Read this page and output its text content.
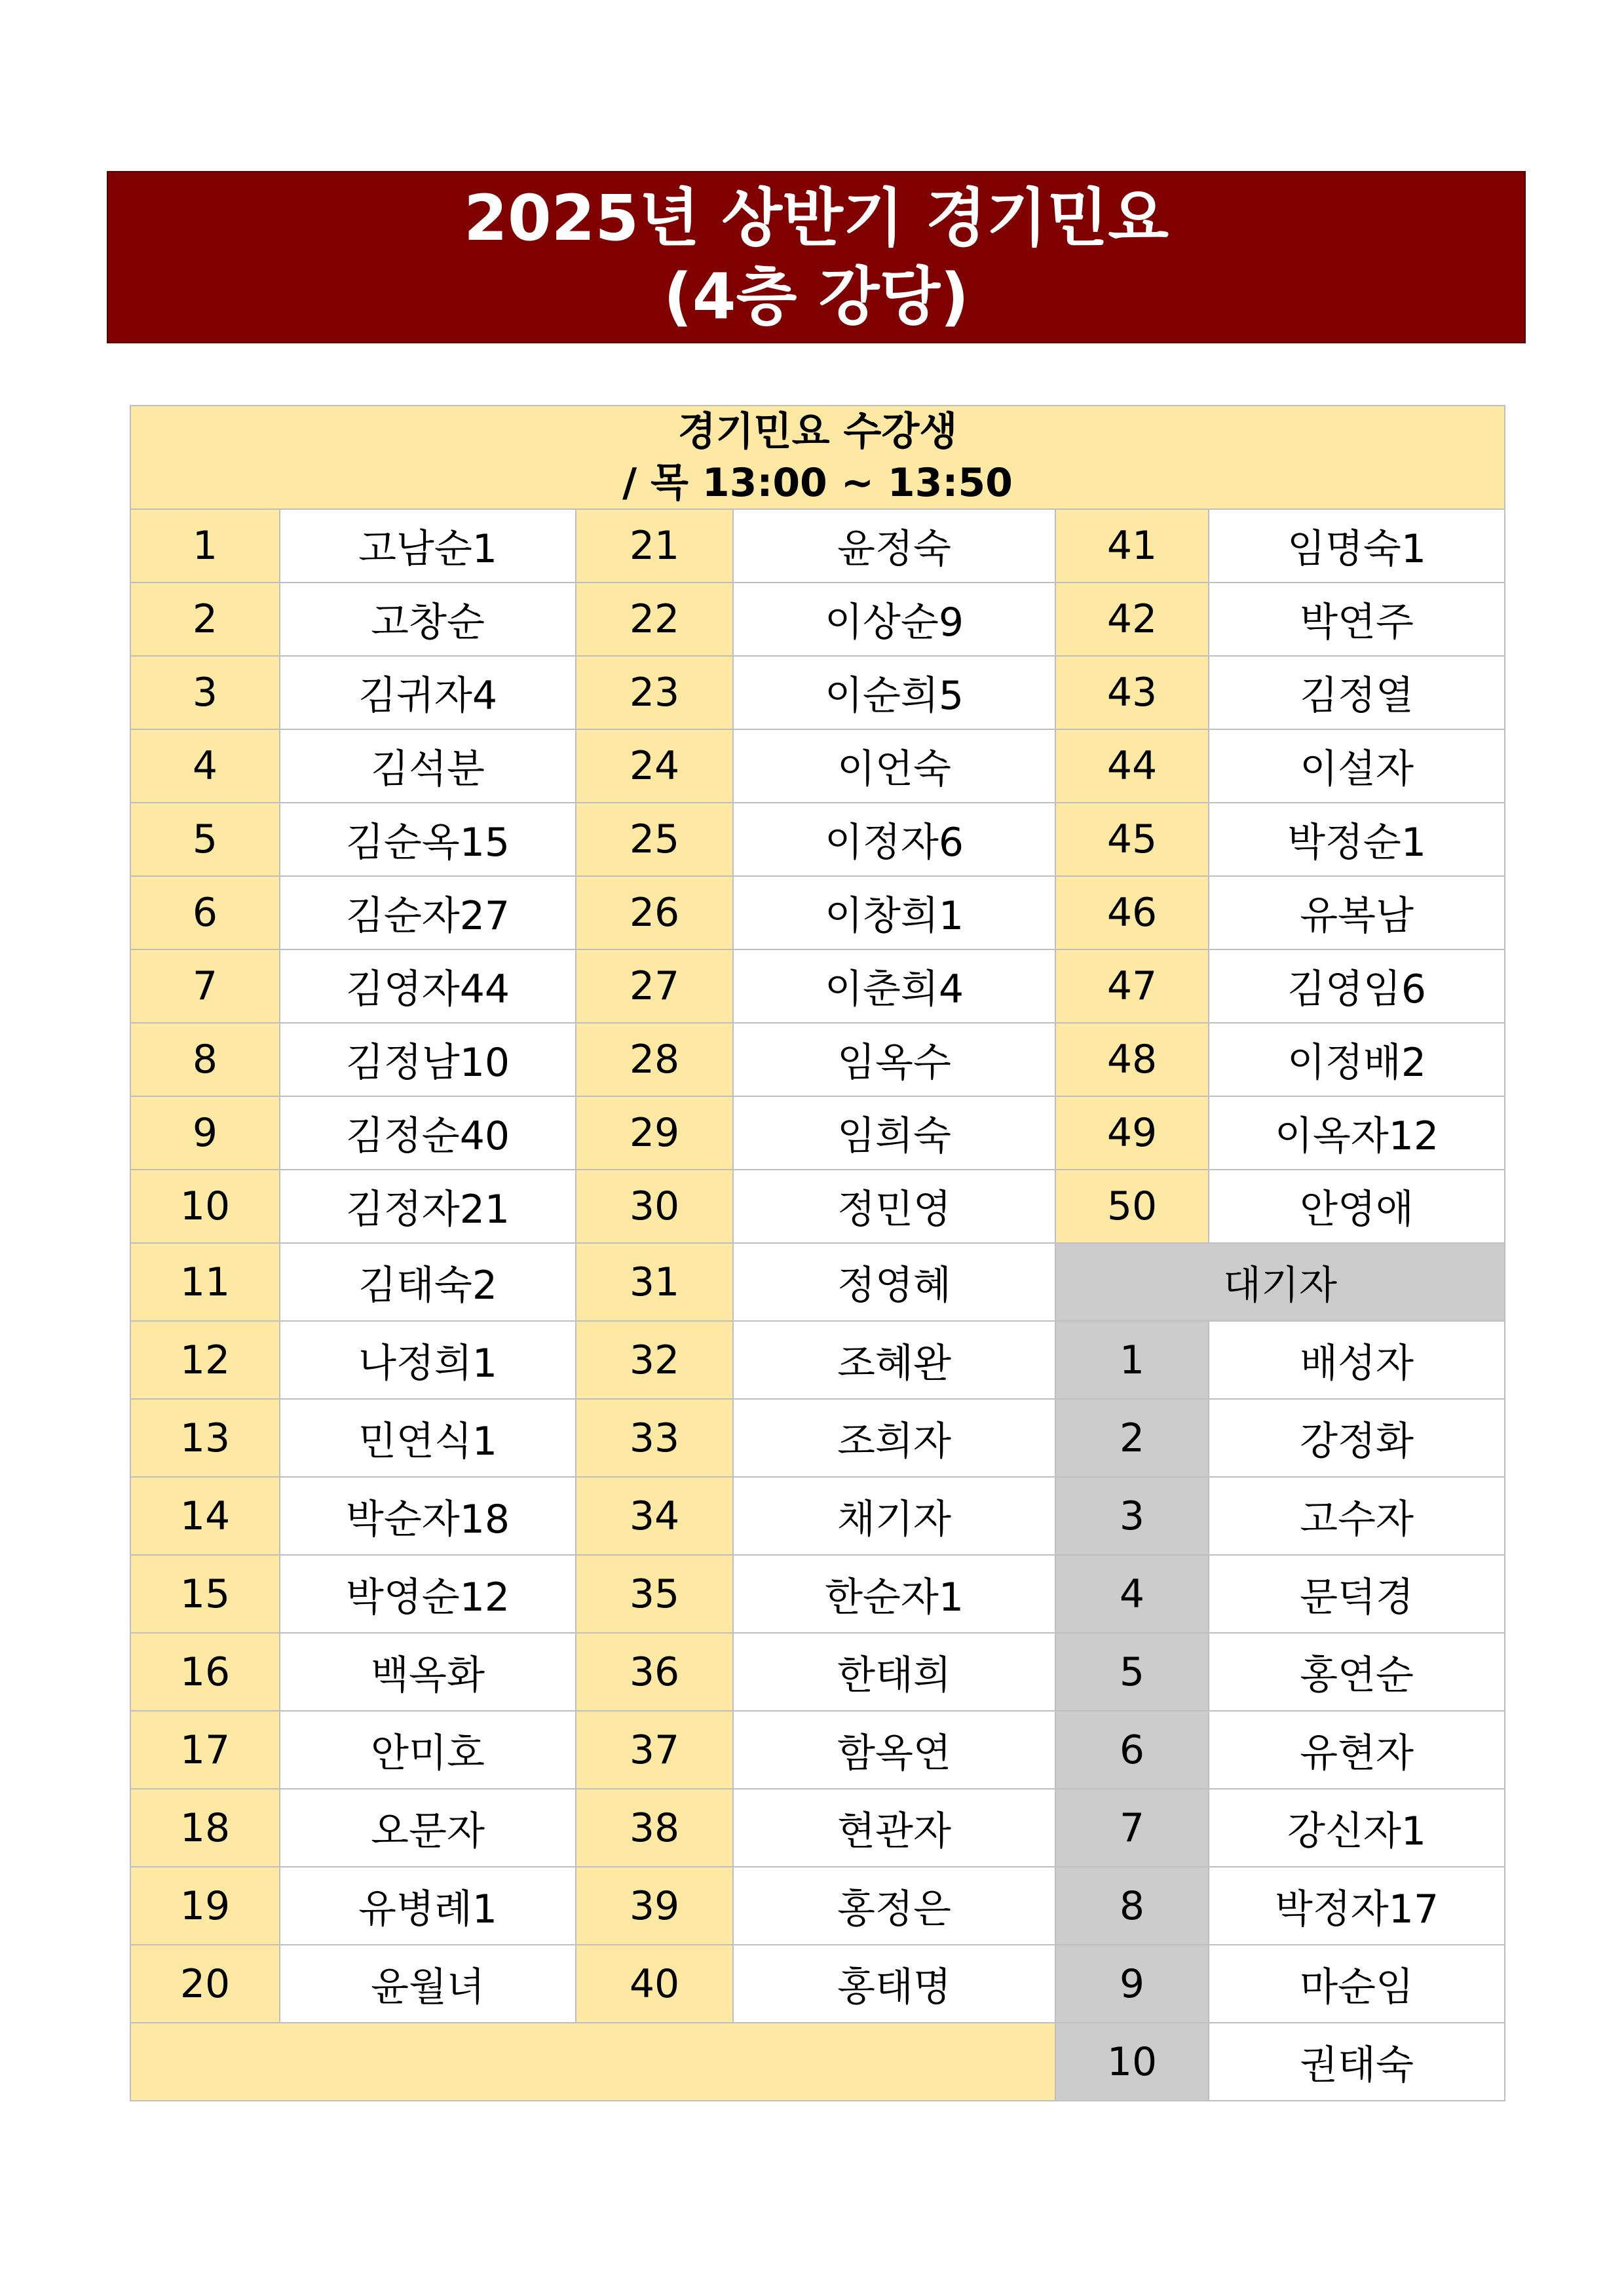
2025년 상반기 경기민요
(4층 강당)
경기민요 수강생
/ 목 13:00 ~ 13:50					

1	고남순1	21	윤정숙	41	임명숙1
2	고창순	22	이상순9	42	박연주
3	김귀자4	23	이순희5	43	김정열
4	김석분	24	이언숙	44	이설자
5	김순옥15	25	이정자6	45	박정순1
6	김순자27	26	이창희1	46	유복남
7	김영자44	27	이춘희4	47	김영임6
8	김정남10	28	임옥수	48	이정배2
9	김정순40	29	임희숙	49	이옥자12
10	김정자21	30	정민영	50	안영애
11	김태숙2	31	정영혜	대기자	
12	나정희1	32	조혜완	1	배성자
13	민연식1	33	조희자	2	강정화
14	박순자18	34	채기자	3	고수자
15	박영순12	35	한순자1	4	문덕경
16	백옥화	36	한태희	5	홍연순
17	안미호	37	함옥연	6	유현자
18	오문자	38	현관자	7	강신자1
19	유병례1	39	홍정은	8	박정자17
20	윤월녀	40	홍태명	9	마순임
				10	권태숙
